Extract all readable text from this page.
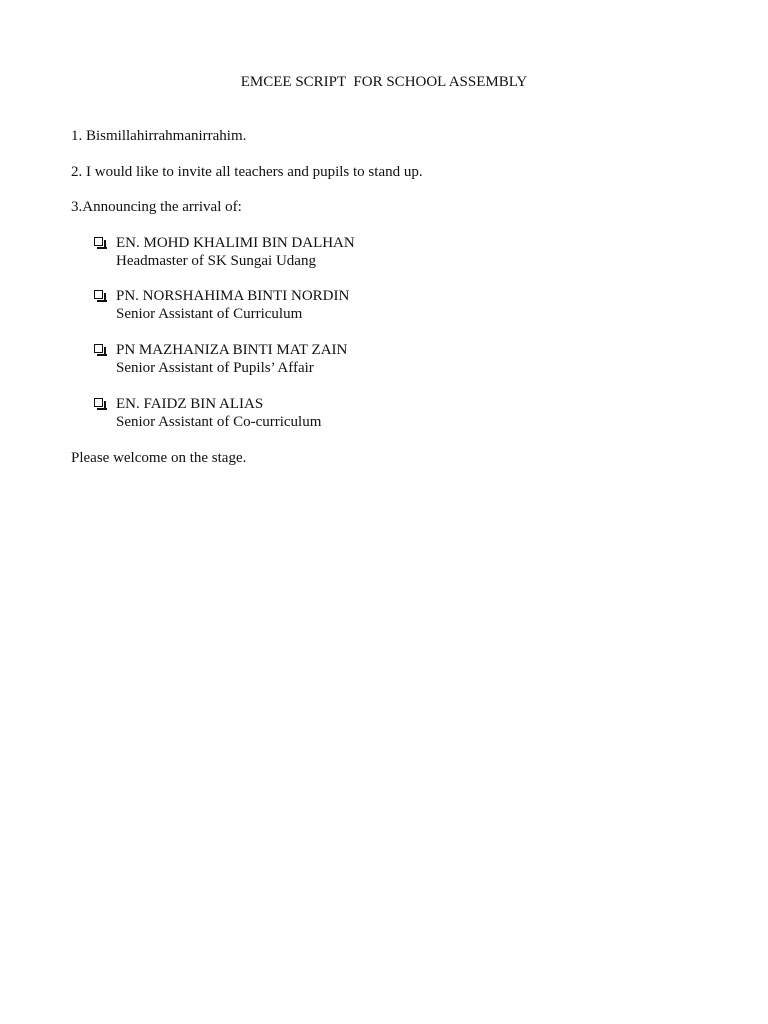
EMCEE SCRIPT  FOR SCHOOL ASSEMBLY
1. Bismillahirrahmanirrahim.
2. I would like to invite all teachers and pupils to stand up.
3.Announcing the arrival of:
EN. MOHD KHALIMI BIN DALHAN
Headmaster of SK Sungai Udang
PN. NORSHAHIMA BINTI NORDIN
Senior Assistant of Curriculum
PN MAZHANIZA BINTI MAT ZAIN
Senior Assistant of Pupils’ Affair
EN. FAIDZ BIN ALIAS
Senior Assistant of Co-curriculum
Please welcome on the stage.
